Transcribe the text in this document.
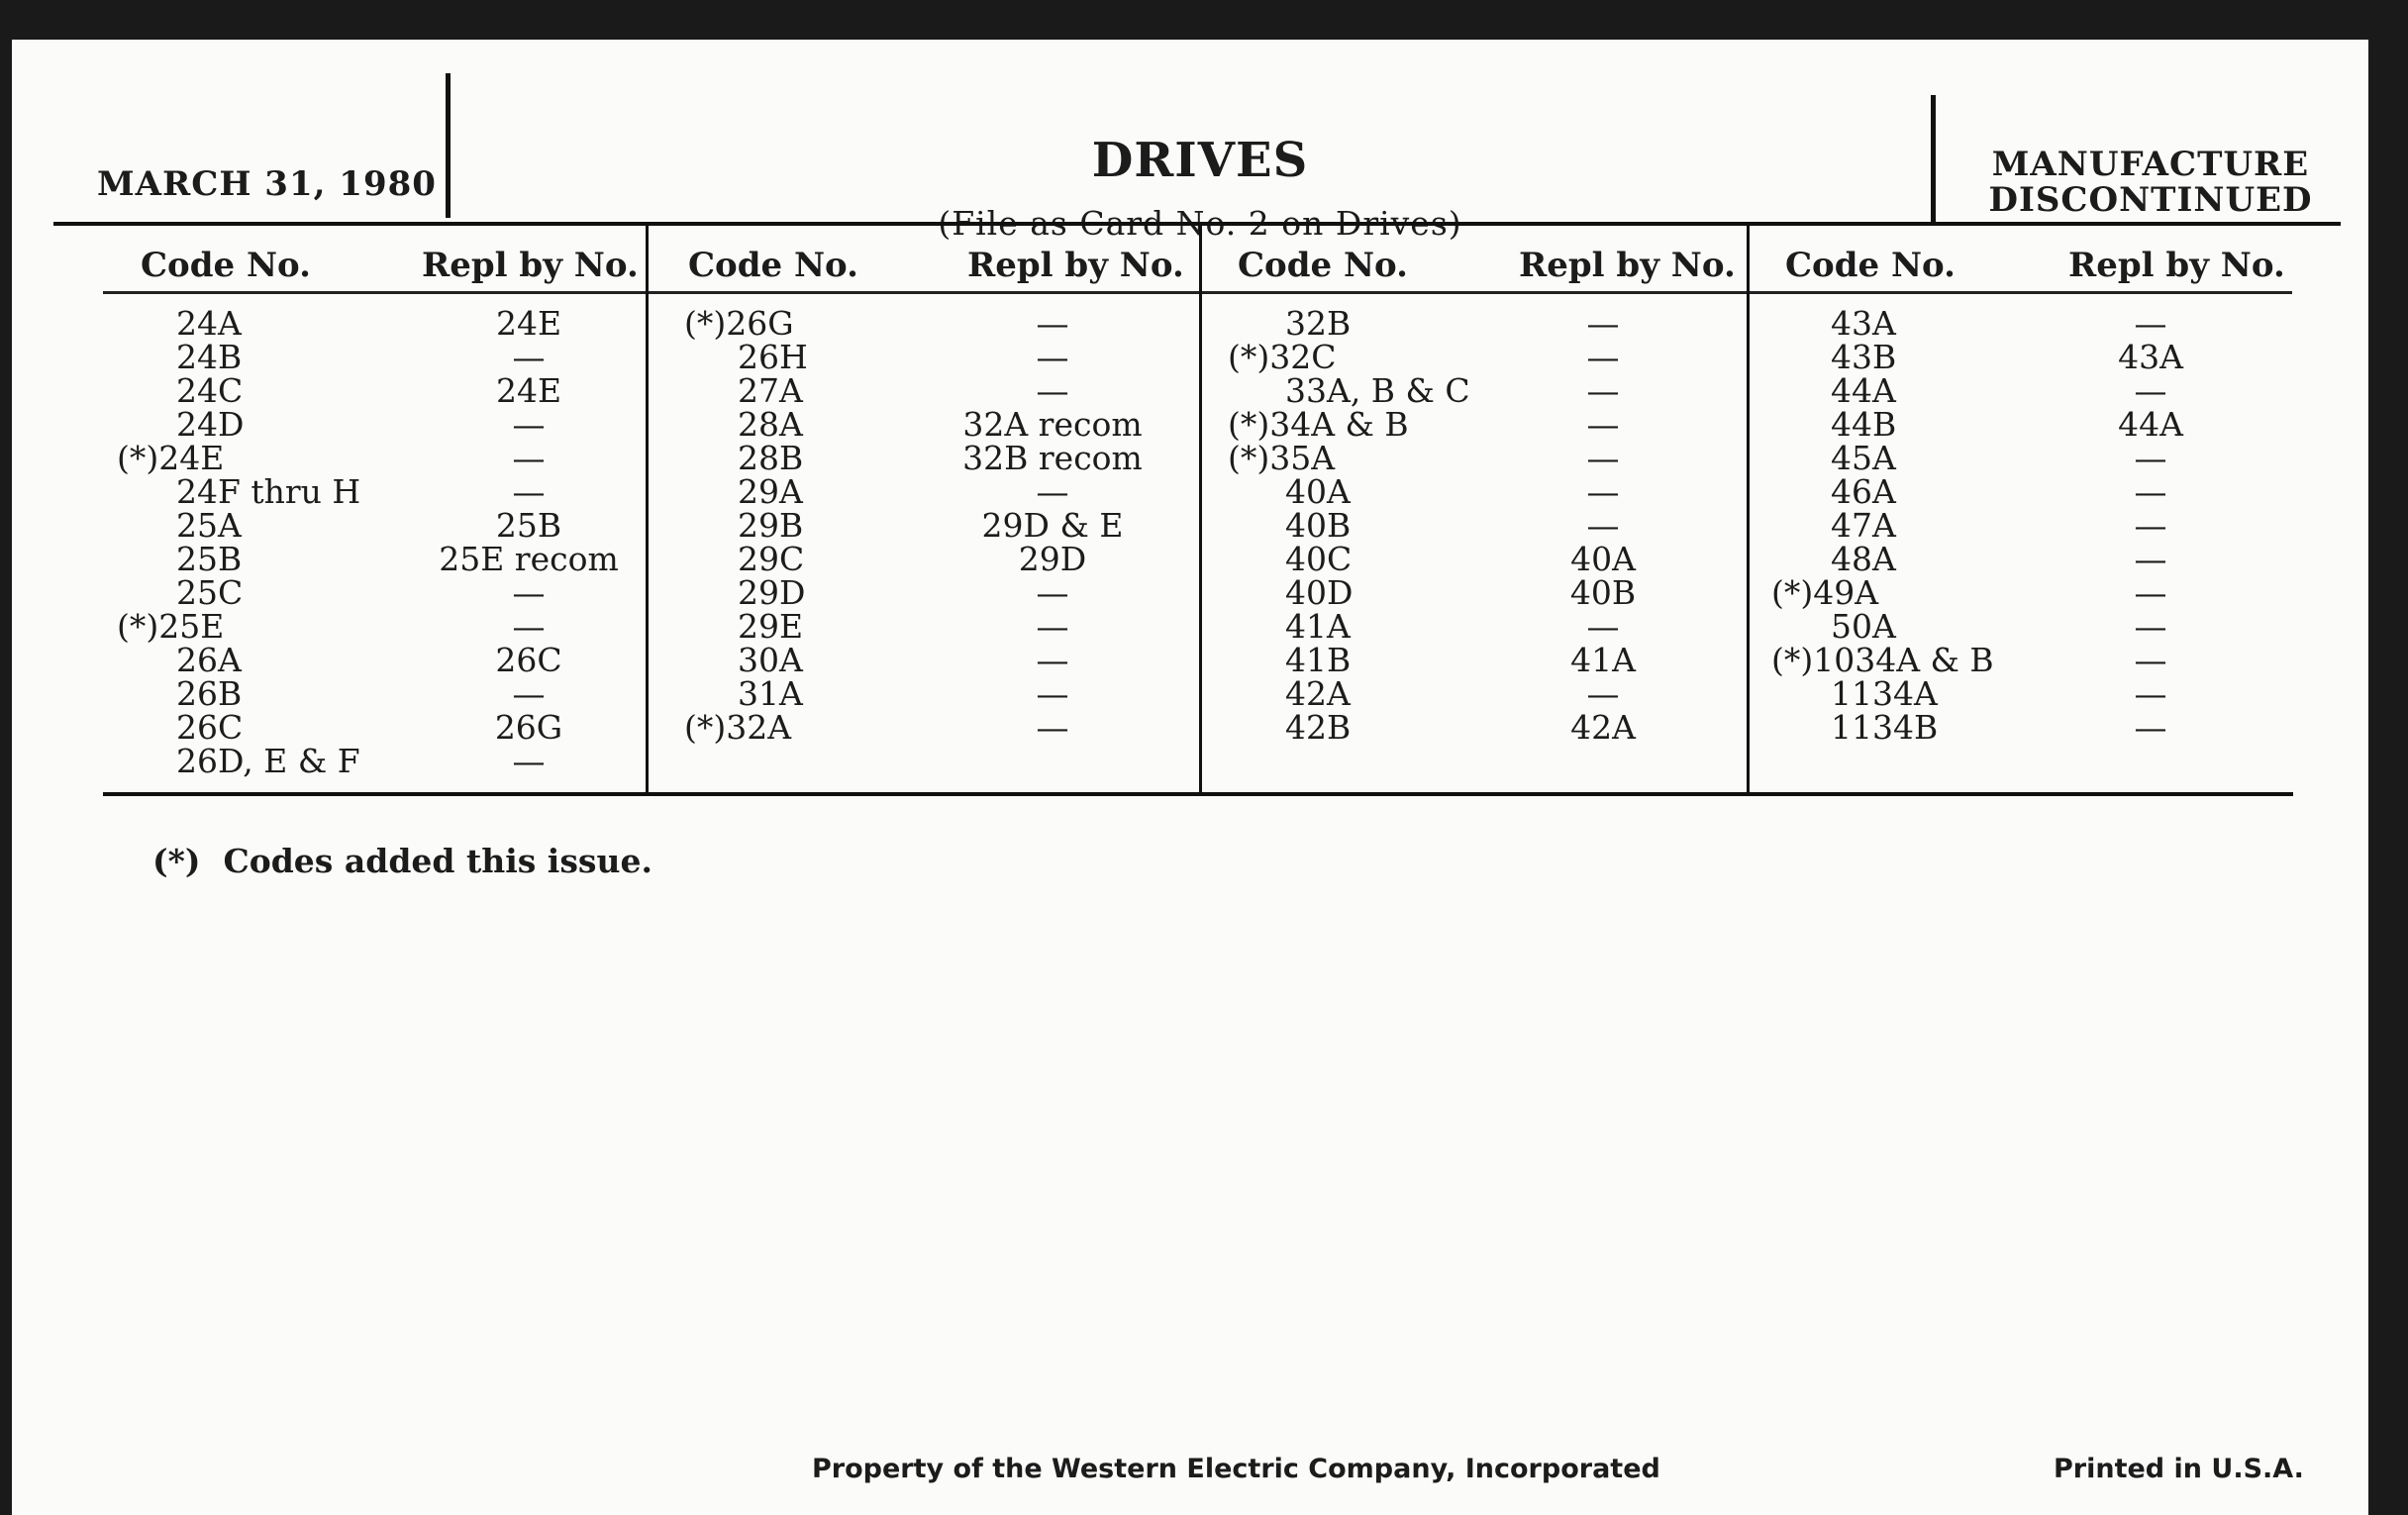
MARCH 31, 1980	DRIVES	MANUFACTURE
DISCONTINUED
Code No.	Repl by No.
24A	24E
24B	—
24C	24E
24D	—
(*)24E	—
24F thru H	—
25A	25B
25B	25E recom
25C	—
(*)25E	—
26A	26C
26B	—
26C	26G
26D, E & F	—
Code No.	Repl by No.
(*)26G	—
26H	—
27A	—
28A	32A recom
28B	32B recom
29A	—
29B	29D & E
29C	29D
29D	—
29E	—
30A	—
31A	—
(*)32A	—
Code No.	Repl by No.
32B	—
(*)32C	—
33A, B & C	—
(*)34A & B	—
(*)35A	—
40A	—
40B	—
40C	40A
40D	40B
41A	—
41B	41A
42A	—
42B	42A
Code No.	Repl by No.
43A	—
43B	43A
44A	—
44B	44A
45A	—
46A	—
47A	—
48A	—
(*)49A	—
50A	—
(*)1034A & B	—
1134A	—
1134B	—
(*)  Codes added this issue.
Property of the Western Electric Company, Incorporated	Printed in U.S.A.
